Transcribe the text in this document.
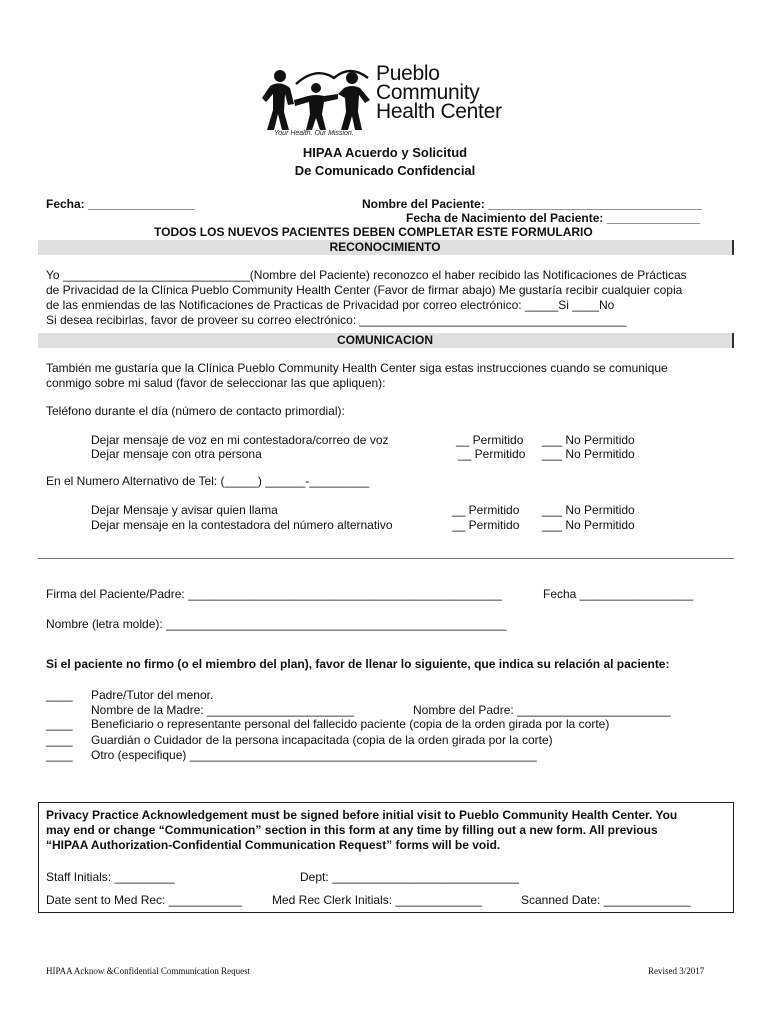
Pueblo
Community
Health Center
Your Health. Our Mission.
HIPAA Acuerdo y Solicitud
De Comunicado Confidencial
Fecha: ________________	Nombre del Paciente: ________________________________
Fecha de Nacimiento del Paciente: ______________
TODOS LOS NUEVOS PACIENTES DEBEN COMPLETAR ESTE FORMULARIO
RECONOCIMIENTO
Yo ____________________________(Nombre del Paciente) reconozco el haber recibido las Notificaciones de Prácticas
de Privacidad de la Clínica Pueblo Community Health Center (Favor de firmar abajo) Me gustaría recibir cualquier copia
de las enmiendas de las Notificaciones de Practicas de Privacidad por correo electrónico: _____Si ____No
Si desea recibirlas, favor de proveer su correo electrónico: ________________________________________
COMUNICACION
También me gustaría que la Clínica Pueblo Community Health Center siga estas instrucciones cuando se comunique
conmigo sobre mi salud (favor de seleccionar las que apliquen):
Teléfono durante el día (número de contacto primordial):
Dejar mensaje de voz en mi contestadora/correo de voz	__ Permitido ___ No Permitido
Dejar mensaje con otra persona	__ Permitido ___ No Permitido
En el Numero Alternativo de Tel: (_____) ______-_________
Dejar Mensaje y avisar quien llama	__ Permitido ___ No Permitido
Dejar mensaje en la contestadora del número alternativo	__ Permitido ___ No Permitido
Firma del Paciente/Padre: _______________________________________________	Fecha _________________
Nombre (letra molde): ___________________________________________________
Si el paciente no firmo (o el miembro del plan), favor de llenar lo siguiente, que indica su relación al paciente:
____ Padre/Tutor del menor.
Nombre de la Madre: ______________________	Nombre del Padre: _______________________
____ Beneficiario o representante personal del fallecido paciente (copia de la orden girada por la corte)
____ Guardián o Cuidador de la persona incapacitada (copia de la orden girada por la corte)
____ Otro (especifique) ____________________________________________________
Privacy Practice Acknowledgement must be signed before initial visit to Pueblo Community Health Center. You
may end or change “Communication” section in this form at any time by filling out a new form. All previous
“HIPAA Authorization-Confidential Communication Request” forms will be void.
Staff Initials: _________	Dept: ____________________________
Date sent to Med Rec: ___________ Med Rec Clerk Initials: _____________	Scanned Date: _____________
HIPAA Acknow &Confidential Communication Request	Revised 3/2017
